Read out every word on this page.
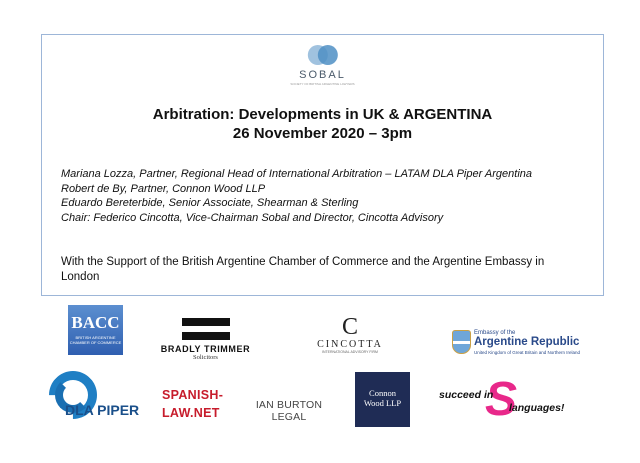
SOBAL
SOCIETY OF BRITISH ARGENTINE LAWYERS
Arbitration: Developments in UK & ARGENTINA
26 November 2020 – 3pm
Mariana Lozza, Partner, Regional Head of International Arbitration – LATAM DLA Piper Argentina
Robert de By, Partner, Connon Wood LLP
Eduardo Bereterbide, Senior Associate, Shearman & Sterling
Chair: Federico Cincotta, Vice-Chairman Sobal and Director, Cincotta Advisory
With the Support of the British Argentine Chamber of Commerce and the Argentine Embassy in London
BACC
BRITISH ARGENTINE CHAMBER OF COMMERCE
BRADLY TRIMMER
Solicitors
C
CINCOTTA
INTERNATIONAL ADVISORY FIRM
Embassy of the
Argentine Republic
United Kingdom of Great Britain and Northern Ireland
DLA PIPER
SPANISH-
LAW.NET
IAN BURTON
LEGAL
Connon
Wood LLP S
succeed in
languages!
